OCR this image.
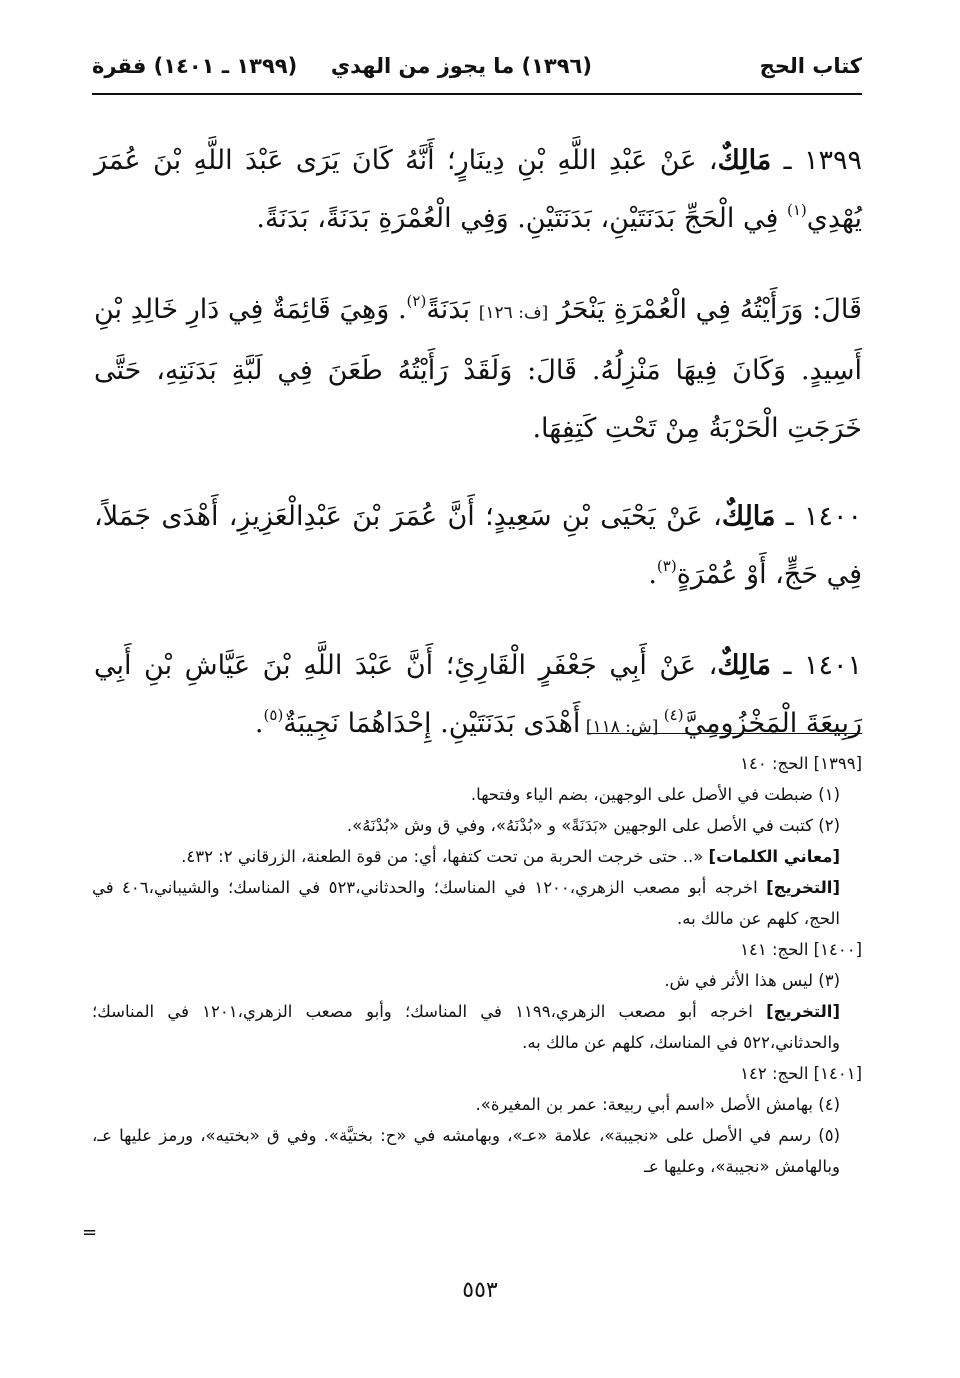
كتاب الحج
(١٣٩٦) ما يجوز من الهدي
(١٣٩٩ ـ ١٤٠١) فقرة

١٣٩٩ ـ مَالِكٌ، عَنْ عَبْدِ اللَّهِ بْنِ دِينَارٍ؛ أَنَّهُ كَانَ يَرَى عَبْدَ اللَّهِ بْنَ عُمَرَ يُهْدِي$^{(١)}$ فِي الْحَجِّ بَدَنَتَيْنِ، بَدَنَتَيْنِ. وَفِي الْعُمْرَةِ بَدَنَةً، بَدَنَةً.

قَالَ: وَرَأَيْتُهُ فِي الْعُمْرَةِ يَنْحَرُ [ف: ١٢٦] بَدَنَةً$^{(٢)}$. وَهِيَ قَائِمَةٌ فِي دَارِ خَالِدِ بْنِ أَسِيدٍ. وَكَانَ فِيهَا مَنْزِلُهُ. قَالَ: وَلَقَدْ رَأَيْتُهُ طَعَنَ فِي لَبَّةِ بَدَنَتِهِ، حَتَّى خَرَجَتِ الْحَرْبَةُ مِنْ تَحْتِ كَتِفِهَا.

١٤٠٠ ـ مَالِكٌ، عَنْ يَحْيَى بْنِ سَعِيدٍ؛ أَنَّ عُمَرَ بْنَ عَبْدِالْعَزِيزِ، أَهْدَى جَمَلاً، فِي حَجٍّ، أَوْ عُمْرَةٍ$^{(٣)}$.

١٤٠١ ـ مَالِكٌ، عَنْ أَبِي جَعْفَرٍ الْقَارِئِ؛ أَنَّ عَبْدَ اللَّهِ بْنَ عَيَّاشِ بْنِ أَبِي رَبِيعَةَ الْمَخْزُومِيَّ$^{(٤)}$ [ش: ١١٨] أَهْدَى بَدَنَتَيْنِ. إِحْدَاهُمَا نَجِيبَةٌ$^{(٥)}$.

[١٣٩٩] الحج: ١٤٠

(١) ضبطت في الأصل على الوجهين، بضم الياء وفتحها.

(٢) كتبت في الأصل على الوجهين «بَدَنَةً» و «بُدْنَهُ»، وفي ق وش «بُدْنَهُ».

[معاني الكلمات] «.. حتى خرجت الحربة من تحت كتفها، أي: من قوة الطعنة، الزرقاني ٢: ٤٣٢.

[التخريج] اخرجه أبو مصعب الزهري،١٢٠٠ في المناسك؛ والحدثاني،٥٢٣ في المناسك؛ والشيباني،٤٠٦ في الحج، كلهم عن مالك به.

[١٤٠٠] الحج: ١٤١

(٣) ليس هذا الأثر في ش.

[التخريج] اخرجه أبو مصعب الزهري،١١٩٩ في المناسك؛ وأبو مصعب الزهري،١٢٠١ في المناسك؛ والحدثاني،٥٢٢ في المناسك، كلهم عن مالك به.

[١٤٠١] الحج: ١٤٢

(٤) بهامش الأصل «اسم أبي ربيعة: عمر بن المغيرة».

(٥) رسم في الأصل على «نجيبة»، علامة «عـ»، وبهامشه في «ح: بختيَّة». وفي ق «بختيه»، ورمز عليها عـ، وبالهامش «نجيبة»، وعليها عـ

=
٥٥٣
